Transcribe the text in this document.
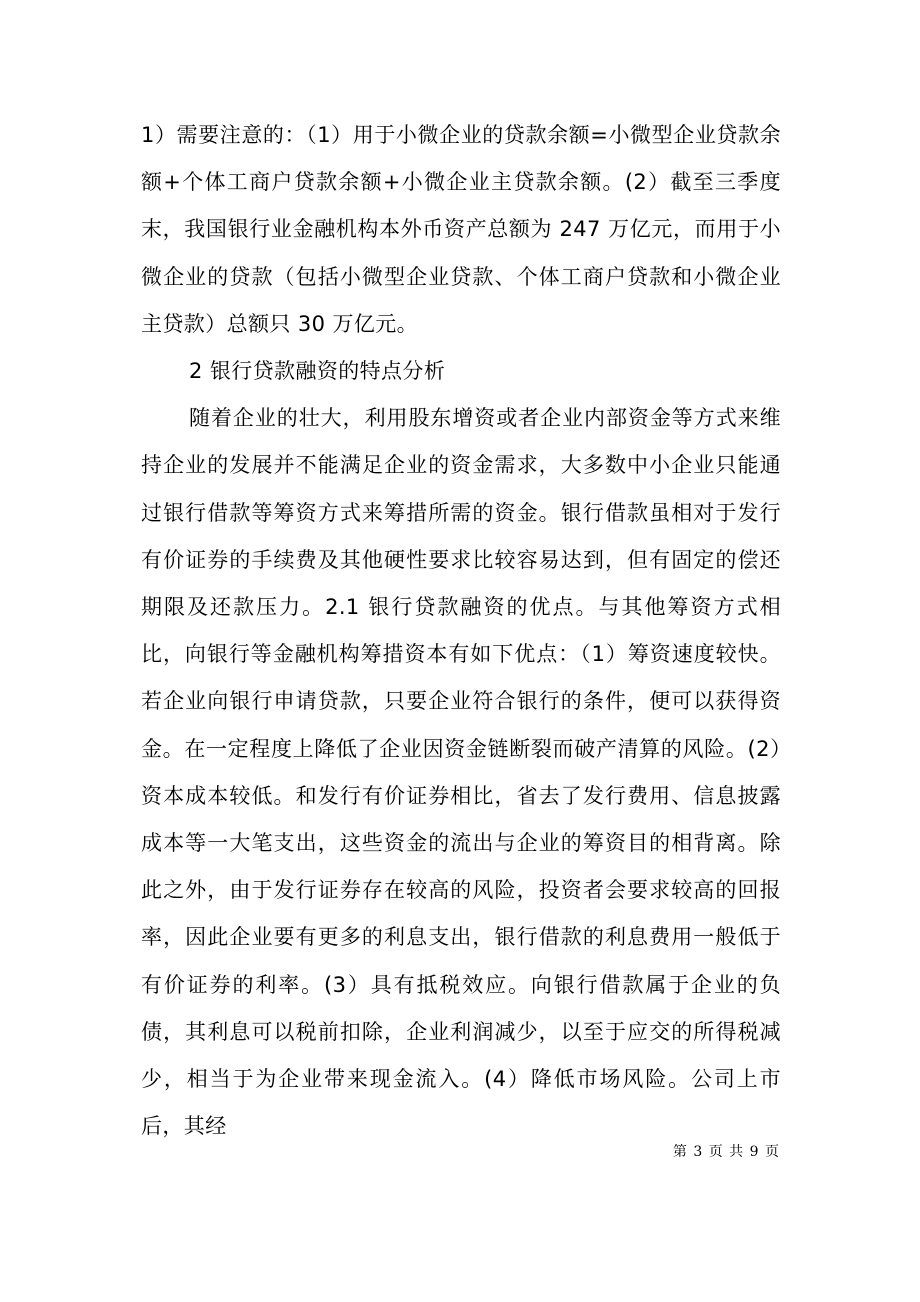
1）需要注意的：（1）用于小微企业的贷款余额=小微型企业贷款余额+个体工商户贷款余额+小微企业主贷款余额。(2）截至三季度末，我国银行业金融机构本外币资产总额为 247 万亿元，而用于小微企业的贷款（包括小微型企业贷款、个体工商户贷款和小微企业主贷款）总额只 30 万亿元。

2 银行贷款融资的特点分析

随着企业的壮大，利用股东增资或者企业内部资金等方式来维持企业的发展并不能满足企业的资金需求，大多数中小企业只能通过银行借款等筹资方式来筹措所需的资金。银行借款虽相对于发行有价证券的手续费及其他硬性要求比较容易达到，但有固定的偿还期限及还款压力。2.1 银行贷款融资的优点。与其他筹资方式相比，向银行等金融机构筹措资本有如下优点：（1）筹资速度较快。若企业向银行申请贷款，只要企业符合银行的条件，便可以获得资金。在一定程度上降低了企业因资金链断裂而破产清算的风险。(2）资本成本较低。和发行有价证券相比，省去了发行费用、信息披露成本等一大笔支出，这些资金的流出与企业的筹资目的相背离。除此之外，由于发行证券存在较高的风险，投资者会要求较高的回报率，因此企业要有更多的利息支出，银行借款的利息费用一般低于有价证券的利率。(3）具有抵税效应。向银行借款属于企业的负债，其利息可以税前扣除，企业利润减少，以至于应交的所得税减少，相当于为企业带来现金流入。(4）降低市场风险。公司上市后，其经

第 3 页 共 9 页
